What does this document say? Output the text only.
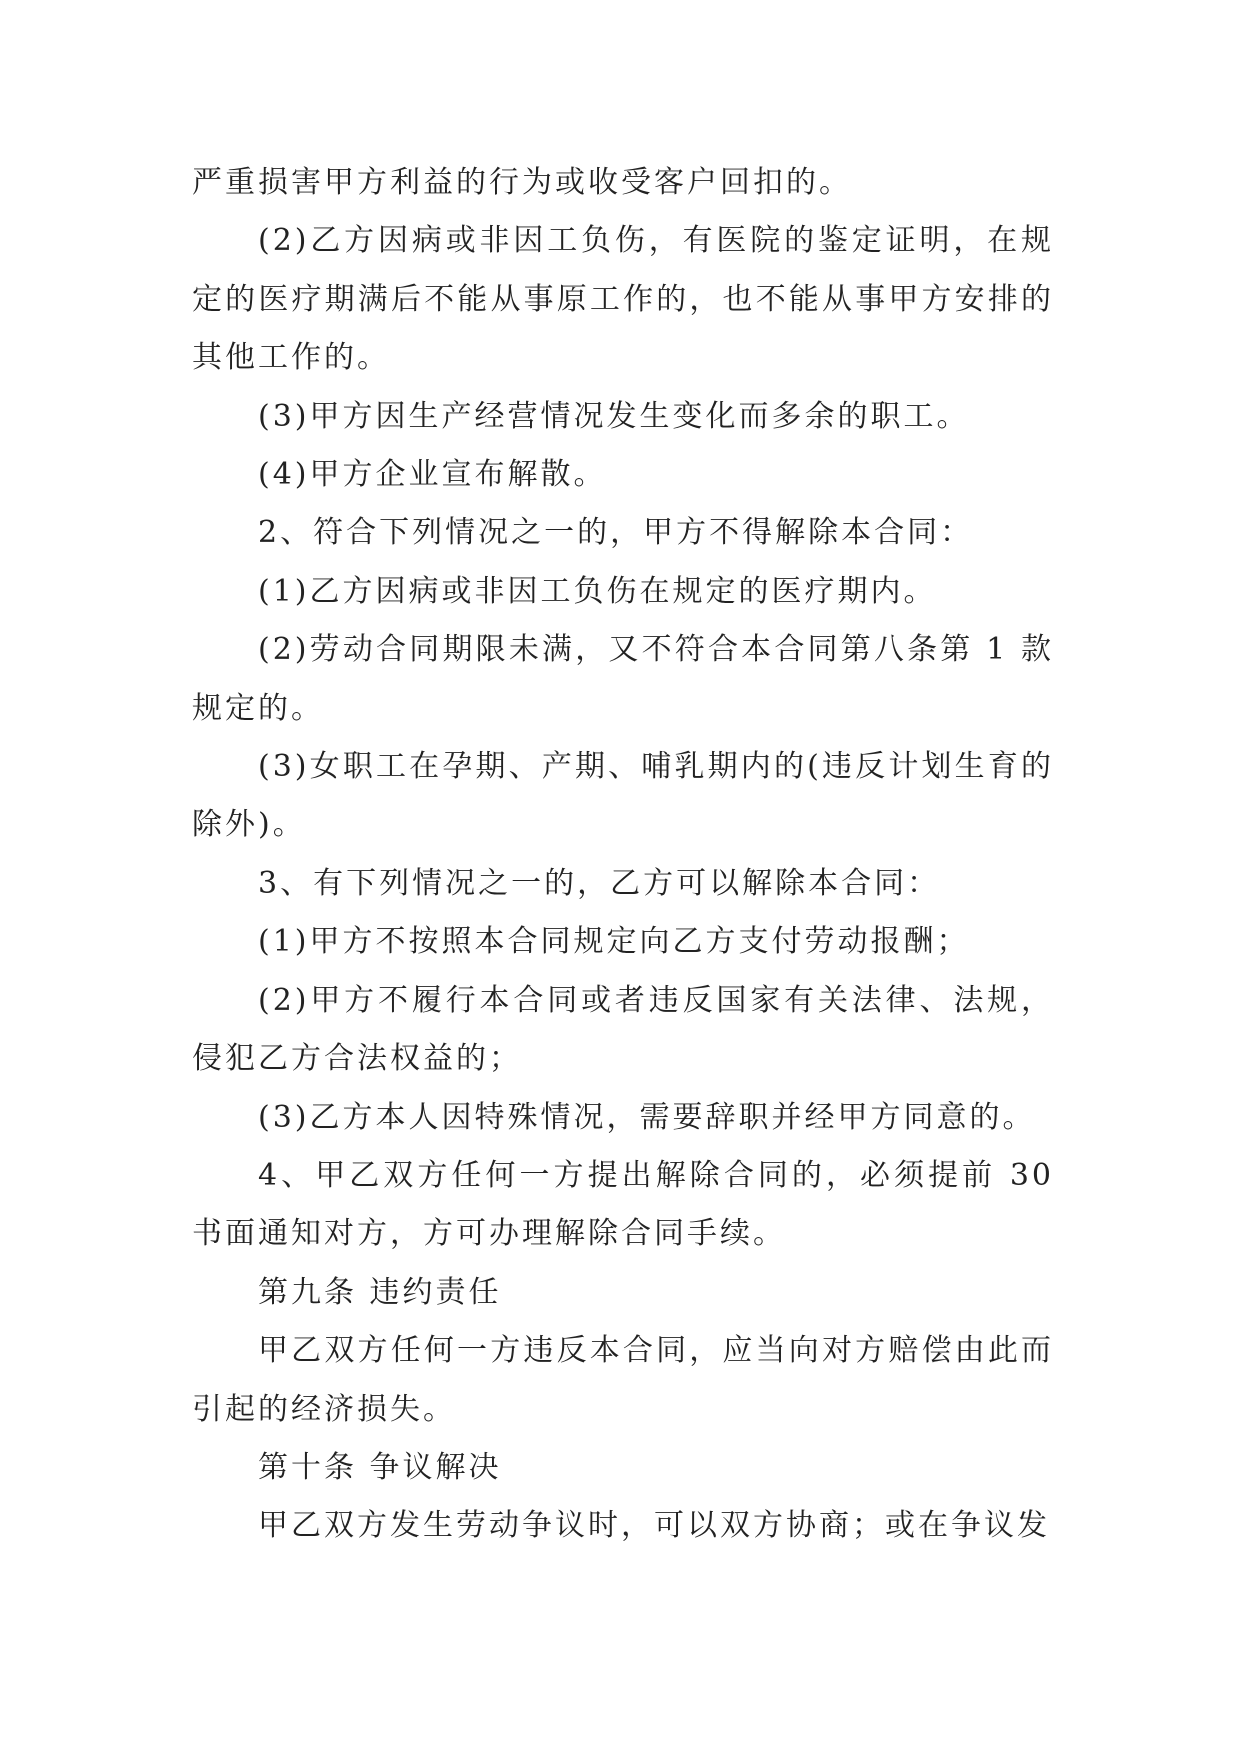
严重损害甲方利益的行为或收受客户回扣的。

(2)乙方因病或非因工负伤，有医院的鉴定证明，在规定的医疗期满后不能从事原工作的，也不能从事甲方安排的其他工作的。

(3)甲方因生产经营情况发生变化而多余的职工。

(4)甲方企业宣布解散。

2、符合下列情况之一的，甲方不得解除本合同：

(1)乙方因病或非因工负伤在规定的医疗期内。

(2)劳动合同期限未满，又不符合本合同第八条第 1 款规定的。

(3)女职工在孕期、产期、哺乳期内的(违反计划生育的除外)。

3、有下列情况之一的，乙方可以解除本合同：

(1)甲方不按照本合同规定向乙方支付劳动报酬；

(2)甲方不履行本合同或者违反国家有关法律、法规，侵犯乙方合法权益的；

(3)乙方本人因特殊情况，需要辞职并经甲方同意的。

4、甲乙双方任何一方提出解除合同的，必须提前 30 书面通知对方，方可办理解除合同手续。

第九条 违约责任

甲乙双方任何一方违反本合同，应当向对方赔偿由此而引起的经济损失。

第十条 争议解决

甲乙双方发生劳动争议时，可以双方协商；或在争议发
